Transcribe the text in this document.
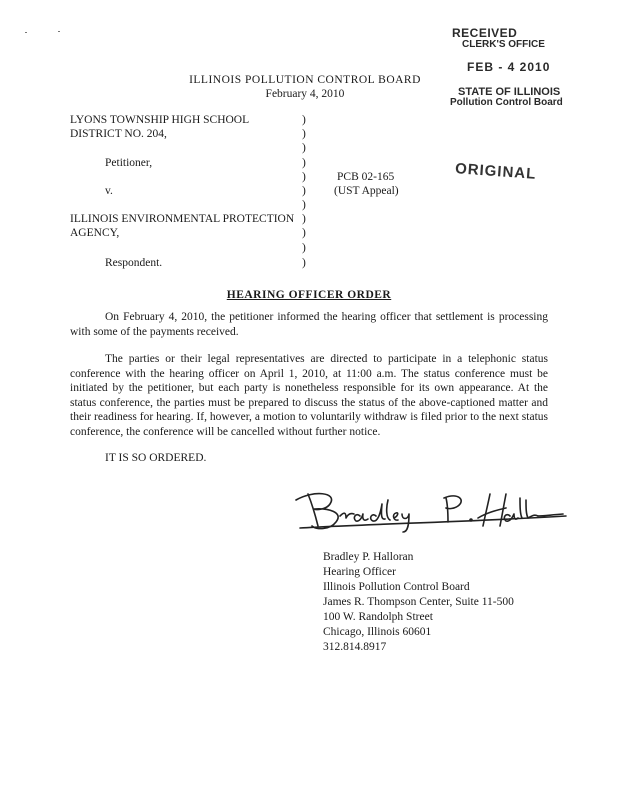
RECEIVED
CLERK'S OFFICE
FEB - 4 2010
STATE OF ILLINOIS
Pollution Control Board
ORIGINAL
ILLINOIS POLLUTION CONTROL BOARD
February 4, 2010
LYONS TOWNSHIP HIGH SCHOOL
DISTRICT NO. 204,
Petitioner,
v.
ILLINOIS ENVIRONMENTAL PROTECTION
AGENCY,
Respondent.
)
)
)
)
)
)
)
)
)
)
)
PCB 02-165
(UST Appeal)
HEARING OFFICER ORDER

On February 4, 2010, the petitioner informed the hearing officer that settlement is processing with some of the payments received.

The parties or their legal representatives are directed to participate in a telephonic status conference with the hearing officer on April 1, 2010, at 11:00 a.m. The status conference must be initiated by the petitioner, but each party is nonetheless responsible for its own appearance. At the status conference, the parties must be prepared to discuss the status of the above-captioned matter and their readiness for hearing. If, however, a motion to voluntarily withdraw is filed prior to the next status conference, the conference will be cancelled without further notice.

IT IS SO ORDERED.
Bradley P. Halloran
Bradley P. Halloran
Hearing Officer
Illinois Pollution Control Board
James R. Thompson Center, Suite 11-500
100 W. Randolph Street
Chicago, Illinois 60601
312.814.8917
